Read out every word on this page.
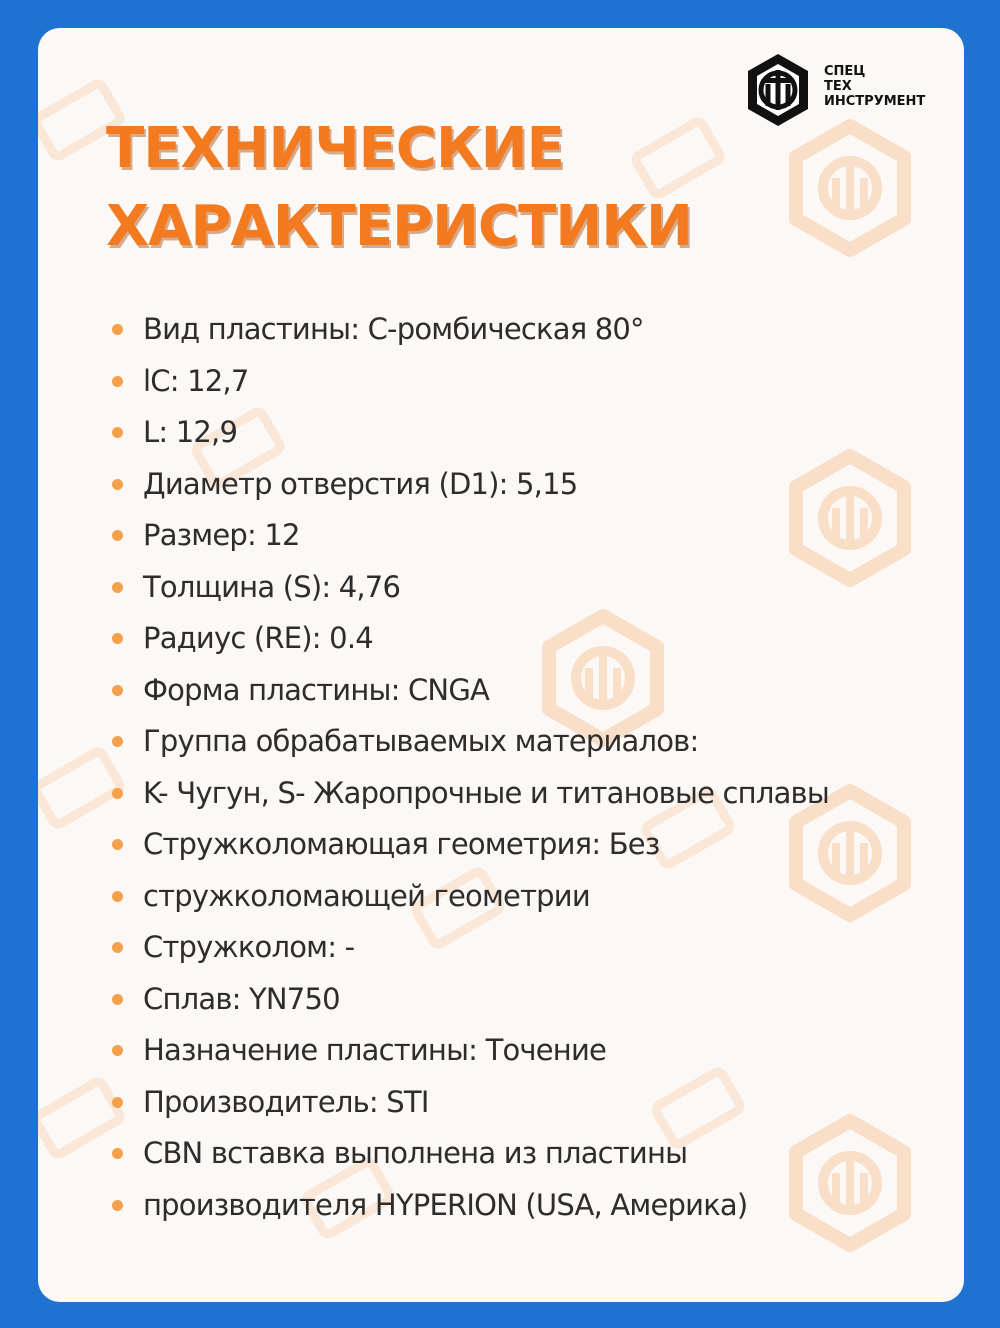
СПЕЦ
ТЕХ
ИНСТРУМЕНТ
ТЕХНИЧЕСКИЕ
ХАРАКТЕРИСТИКИ
Вид пластины: С-ромбическая 80°
lC: 12,7
L: 12,9
Диаметр отверстия (D1): 5,15
Размер: 12
Толщина (S): 4,76
Радиус (RE): 0.4
Форма пластины: CNGA
Группа обрабатываемых материалов:
K- Чугун, S- Жаропрочные и титановые сплавы
Стружколомающая геометрия: Без
стружколомающей геометрии
Стружколом: -
Сплав: YN750
Назначение пластины: Точение
Производитель: STI
CBN вставка выполнена из пластины
производителя HYPERION (USA, Америка)
